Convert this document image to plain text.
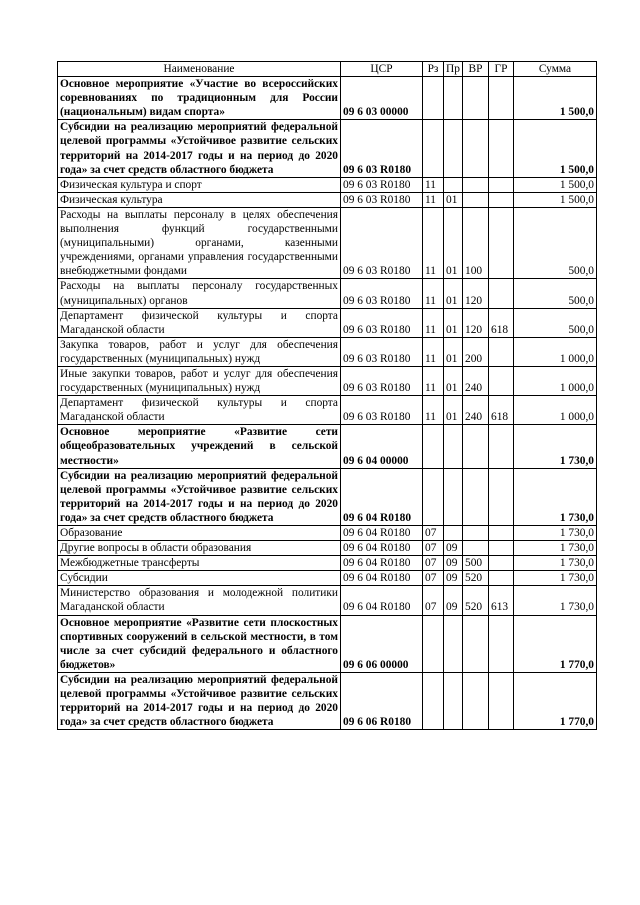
Наименование	ЦСР	Рз	Пр	ВР	ГР	Сумма
Основное мероприятие «Участие во всероссийских соревнованиях по традиционным для России (национальным) видам спорта»	09 6 03 00000					1 500,0
Субсидии на реализацию мероприятий федеральной целевой программы «Устойчивое развитие сельских территорий на 2014-2017 годы и на период до 2020 года» за счет средств областного бюджета	09 6 03 R0180					1 500,0
Физическая культура и спорт	09 6 03 R0180	11				1 500,0
Физическая культура	09 6 03 R0180	11	01			1 500,0
Расходы на выплаты персоналу в целях обеспечения выполнения функций государственными (муниципальными) органами, казенными учреждениями, органами управления государственными внебюджетными фондами	09 6 03 R0180	11	01	100		500,0
Расходы на выплаты персоналу государственных (муниципальных) органов	09 6 03 R0180	11	01	120		500,0
Департамент физической культуры и спорта Магаданской области	09 6 03 R0180	11	01	120	618	500,0
Закупка товаров, работ и услуг для обеспечения государственных (муниципальных) нужд	09 6 03 R0180	11	01	200		1 000,0
Иные закупки товаров, работ и услуг для обеспечения государственных (муниципальных) нужд	09 6 03 R0180	11	01	240		1 000,0
Департамент физической культуры и спорта Магаданской области	09 6 03 R0180	11	01	240	618	1 000,0
Основное мероприятие «Развитие сети общеобразовательных учреждений в сельской местности»	09 6 04 00000					1 730,0
Субсидии на реализацию мероприятий федеральной целевой программы «Устойчивое развитие сельских территорий на 2014-2017 годы и на период до 2020 года» за счет средств областного бюджета	09 6 04 R0180					1 730,0
Образование	09 6 04 R0180	07				1 730,0
Другие вопросы в области образования	09 6 04 R0180	07	09			1 730,0
Межбюджетные трансферты	09 6 04 R0180	07	09	500		1 730,0
Субсидии	09 6 04 R0180	07	09	520		1 730,0
Министерство образования и молодежной политики Магаданской области	09 6 04 R0180	07	09	520	613	1 730,0
Основное мероприятие «Развитие сети плоскостных спортивных сооружений в сельской местности, в том числе за счет субсидий федерального и областного бюджетов»	09 6 06 00000					1 770,0
Субсидии на реализацию мероприятий федеральной целевой программы «Устойчивое развитие сельских территорий на 2014-2017 годы и на период до 2020 года» за счет средств областного бюджета	09 6 06 R0180					1 770,0
